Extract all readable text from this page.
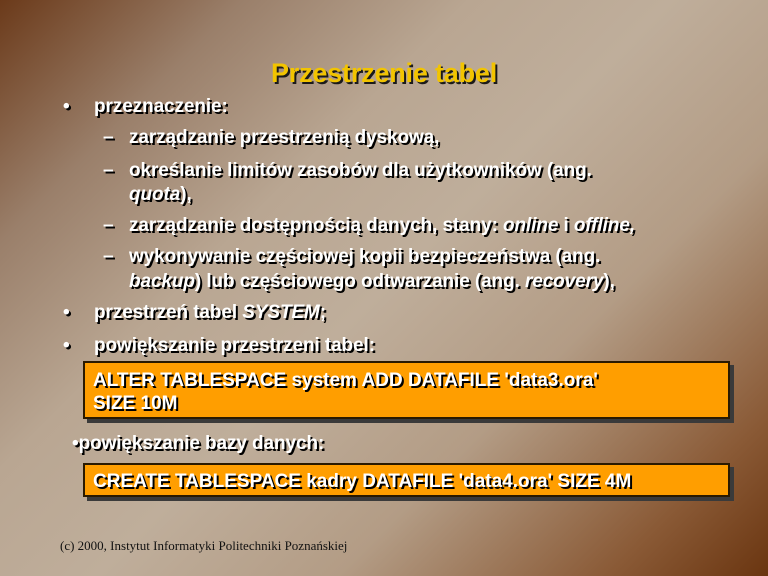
Przestrzenie tabel
• przeznaczenie:
– zarządzanie przestrzenią dyskową,
– określanie limitów zasobów dla użytkowników (ang.
quota),
– zarządzanie dostępnością danych, stany: online i offline,
– wykonywanie częściowej kopii bezpieczeństwa (ang.
backup) lub częściowego odtwarzanie (ang. recovery),
• przestrzeń tabel SYSTEM;
• powiększanie przestrzeni tabel:
ALTER TABLESPACE system ADD DATAFILE 'data3.ora'
SIZE 10M
•powiększanie bazy danych:
CREATE TABLESPACE kadry DATAFILE 'data4.ora' SIZE 4M
(c) 2000, Instytut Informatyki Politechniki Poznańskiej
